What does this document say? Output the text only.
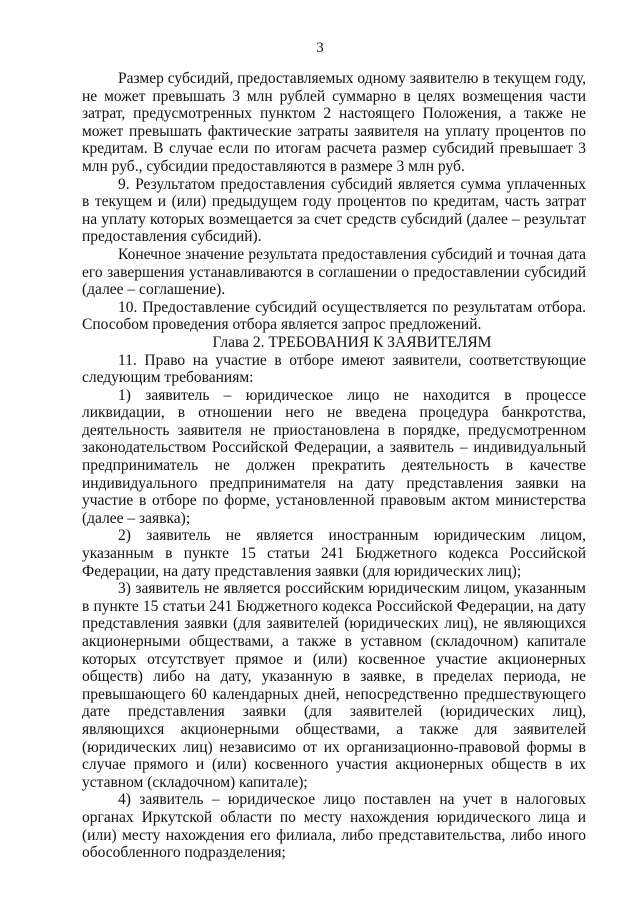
3

Размер субсидий, предоставляемых одному заявителю в текущем году, не может превышать 3 млн рублей суммарно в целях возмещения части затрат, предусмотренных пунктом 2 настоящего Положения, а также не может превышать фактические затраты заявителя на уплату процентов по кредитам. В случае если по итогам расчета размер субсидий превышает 3 млн руб., субсидии предоставляются в размере 3 млн руб.

9. Результатом предоставления субсидий является сумма уплаченных в текущем и (или) предыдущем году процентов по кредитам, часть затрат на уплату которых возмещается за счет средств субсидий (далее – результат предоставления субсидий).

Конечное значение результата предоставления субсидий и точная дата его завершения устанавливаются в соглашении о предоставлении субсидий (далее – соглашение).

10. Предоставление субсидий осуществляется по результатам отбора. Способом проведения отбора является запрос предложений.

Глава 2. ТРЕБОВАНИЯ К ЗАЯВИТЕЛЯМ

11. Право на участие в отборе имеют заявители, соответствующие следующим требованиям:

1) заявитель – юридическое лицо не находится в процессе ликвидации, в отношении него не введена процедура банкротства, деятельность заявителя не приостановлена в порядке, предусмотренном законодательством Российской Федерации, а заявитель – индивидуальный предприниматель не должен прекратить деятельность в качестве индивидуального предпринимателя на дату представления заявки на участие в отборе по форме, установленной правовым актом министерства (далее – заявка);

2) заявитель не является иностранным юридическим лицом, указанным в пункте 15 статьи 241 Бюджетного кодекса Российской Федерации, на дату представления заявки (для юридических лиц);

3) заявитель не является российским юридическим лицом, указанным в пункте 15 статьи 241 Бюджетного кодекса Российской Федерации, на дату представления заявки (для заявителей (юридических лиц), не являющихся акционерными обществами, а также в уставном (складочном) капитале которых отсутствует прямое и (или) косвенное участие акционерных обществ) либо на дату, указанную в заявке, в пределах периода, не превышающего 60 календарных дней, непосредственно предшествующего дате представления заявки (для заявителей (юридических лиц), являющихся акционерными обществами, а также для заявителей (юридических лиц) независимо от их организационно-правовой формы в случае прямого и (или) косвенного участия акционерных обществ в их уставном (складочном) капитале);

4) заявитель – юридическое лицо поставлен на учет в налоговых органах Иркутской области по месту нахождения юридического лица и (или) месту нахождения его филиала, либо представительства, либо иного обособленного подразделения;
